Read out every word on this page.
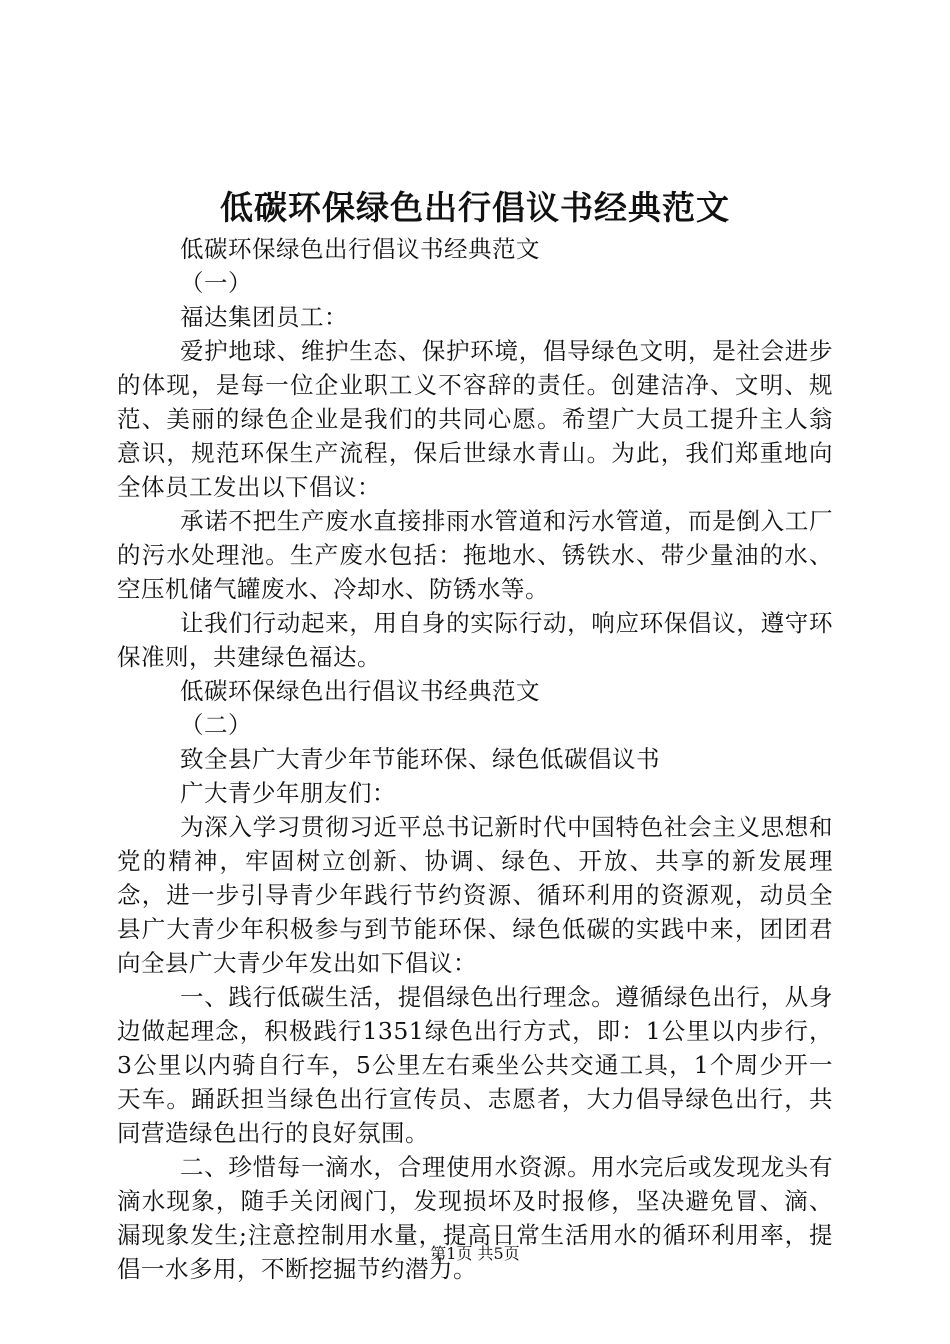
低碳环保绿色出行倡议书经典范文

低碳环保绿色出行倡议书经典范文

（一）

福达集团员工：

爱护地球、维护生态、保护环境，倡导绿色文明，是社会进步的体现，是每一位企业职工义不容辞的责任。创建洁净、文明、规范、美丽的绿色企业是我们的共同心愿。希望广大员工提升主人翁意识，规范环保生产流程，保后世绿水青山。为此，我们郑重地向全体员工发出以下倡议：

承诺不把生产废水直接排雨水管道和污水管道，而是倒入工厂的污水处理池。生产废水包括：拖地水、锈铁水、带少量油的水、空压机储气罐废水、冷却水、防锈水等。

让我们行动起来，用自身的实际行动，响应环保倡议，遵守环保准则，共建绿色福达。

低碳环保绿色出行倡议书经典范文

（二）

致全县广大青少年节能环保、绿色低碳倡议书

广大青少年朋友们：

为深入学习贯彻习近平总书记新时代中国特色社会主义思想和党的精神，牢固树立创新、协调、绿色、开放、共享的新发展理念，进一步引导青少年践行节约资源、循环利用的资源观，动员全县广大青少年积极参与到节能环保、绿色低碳的实践中来，团团君向全县广大青少年发出如下倡议：

一、践行低碳生活，提倡绿色出行理念。遵循绿色出行，从身边做起理念，积极践行1351绿色出行方式，即：1公里以内步行，3公里以内骑自行车，5公里左右乘坐公共交通工具，1个周少开一天车。踊跃担当绿色出行宣传员、志愿者，大力倡导绿色出行，共同营造绿色出行的良好氛围。

二、珍惜每一滴水，合理使用水资源。用水完后或发现龙头有滴水现象，随手关闭阀门，发现损坏及时报修，坚决避免冒、滴、漏现象发生;注意控制用水量，提高日常生活用水的循环利用率，提倡一水多用，不断挖掘节约潜力。

第1页 共5页
